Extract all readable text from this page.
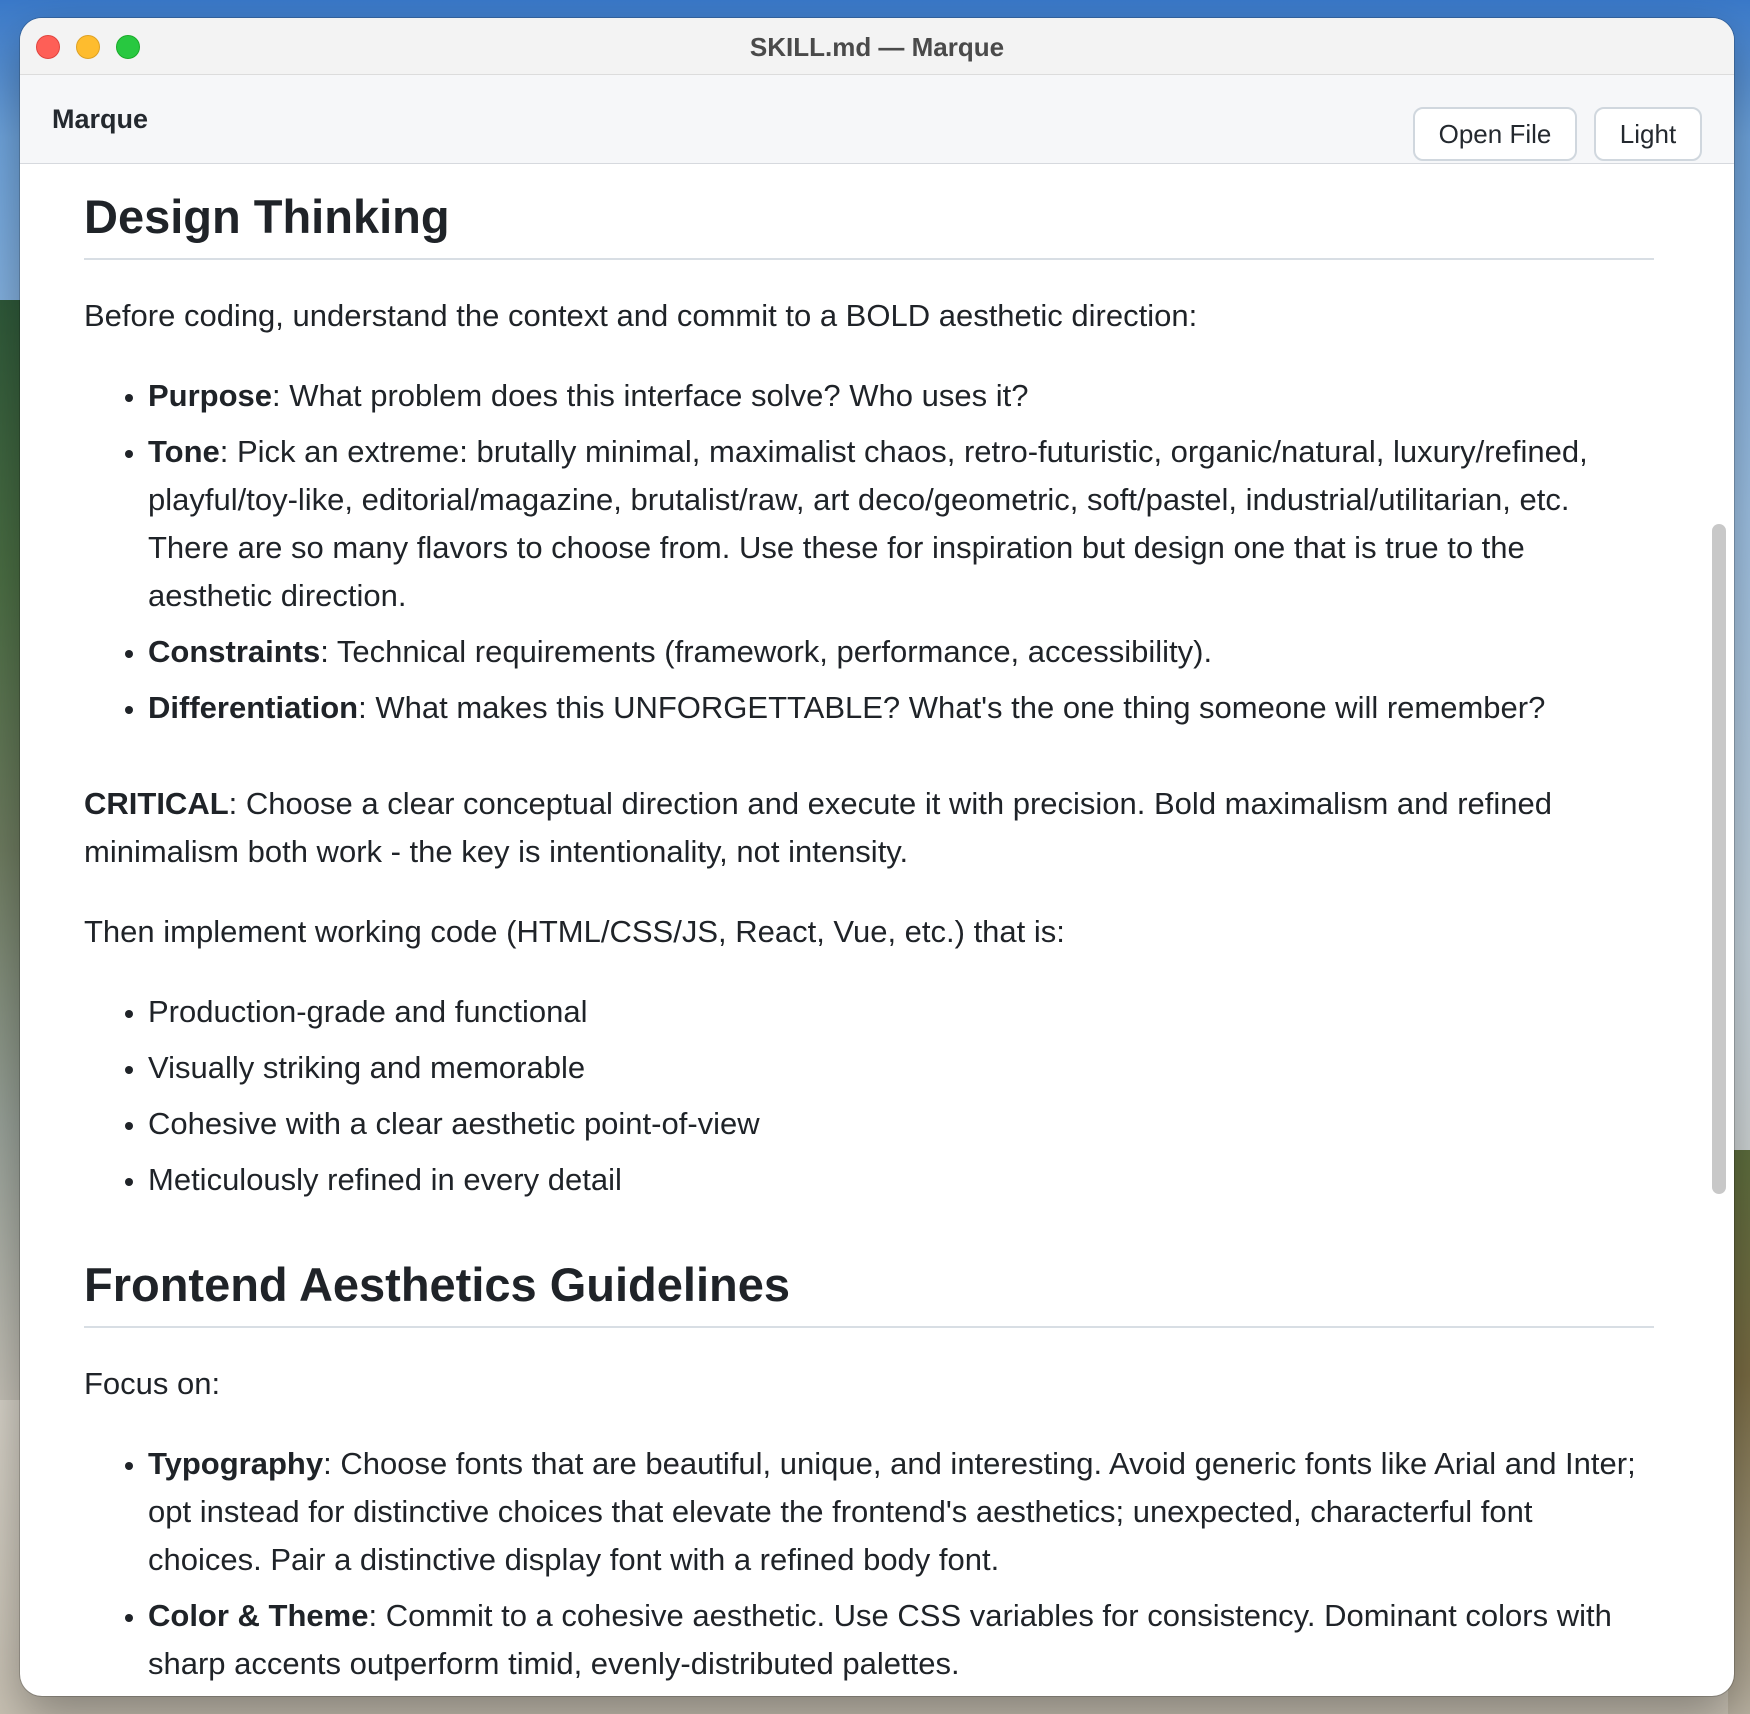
SKILL.md — Marque
Marque	Open File	Light
Design Thinking

Before coding, understand the context and commit to a BOLD aesthetic direction:

• Purpose: What problem does this interface solve? Who uses it?
• Tone: Pick an extreme: brutally minimal, maximalist chaos, retro-futuristic, organic/natural, luxury/refined, playful/toy-like, editorial/magazine, brutalist/raw, art deco/geometric, soft/pastel, industrial/utilitarian, etc. There are so many flavors to choose from. Use these for inspiration but design one that is true to the aesthetic direction.
• Constraints: Technical requirements (framework, performance, accessibility).
• Differentiation: What makes this UNFORGETTABLE? What's the one thing someone will remember?

CRITICAL: Choose a clear conceptual direction and execute it with precision. Bold maximalism and refined minimalism both work - the key is intentionality, not intensity.

Then implement working code (HTML/CSS/JS, React, Vue, etc.) that is:

• Production-grade and functional
• Visually striking and memorable
• Cohesive with a clear aesthetic point-of-view
• Meticulously refined in every detail
Frontend Aesthetics Guidelines

Focus on:

• Typography: Choose fonts that are beautiful, unique, and interesting. Avoid generic fonts like Arial and Inter; opt instead for distinctive choices that elevate the frontend's aesthetics; unexpected, characterful font choices. Pair a distinctive display font with a refined body font.
• Color & Theme: Commit to a cohesive aesthetic. Use CSS variables for consistency. Dominant colors with sharp accents outperform timid, evenly-distributed palettes.
